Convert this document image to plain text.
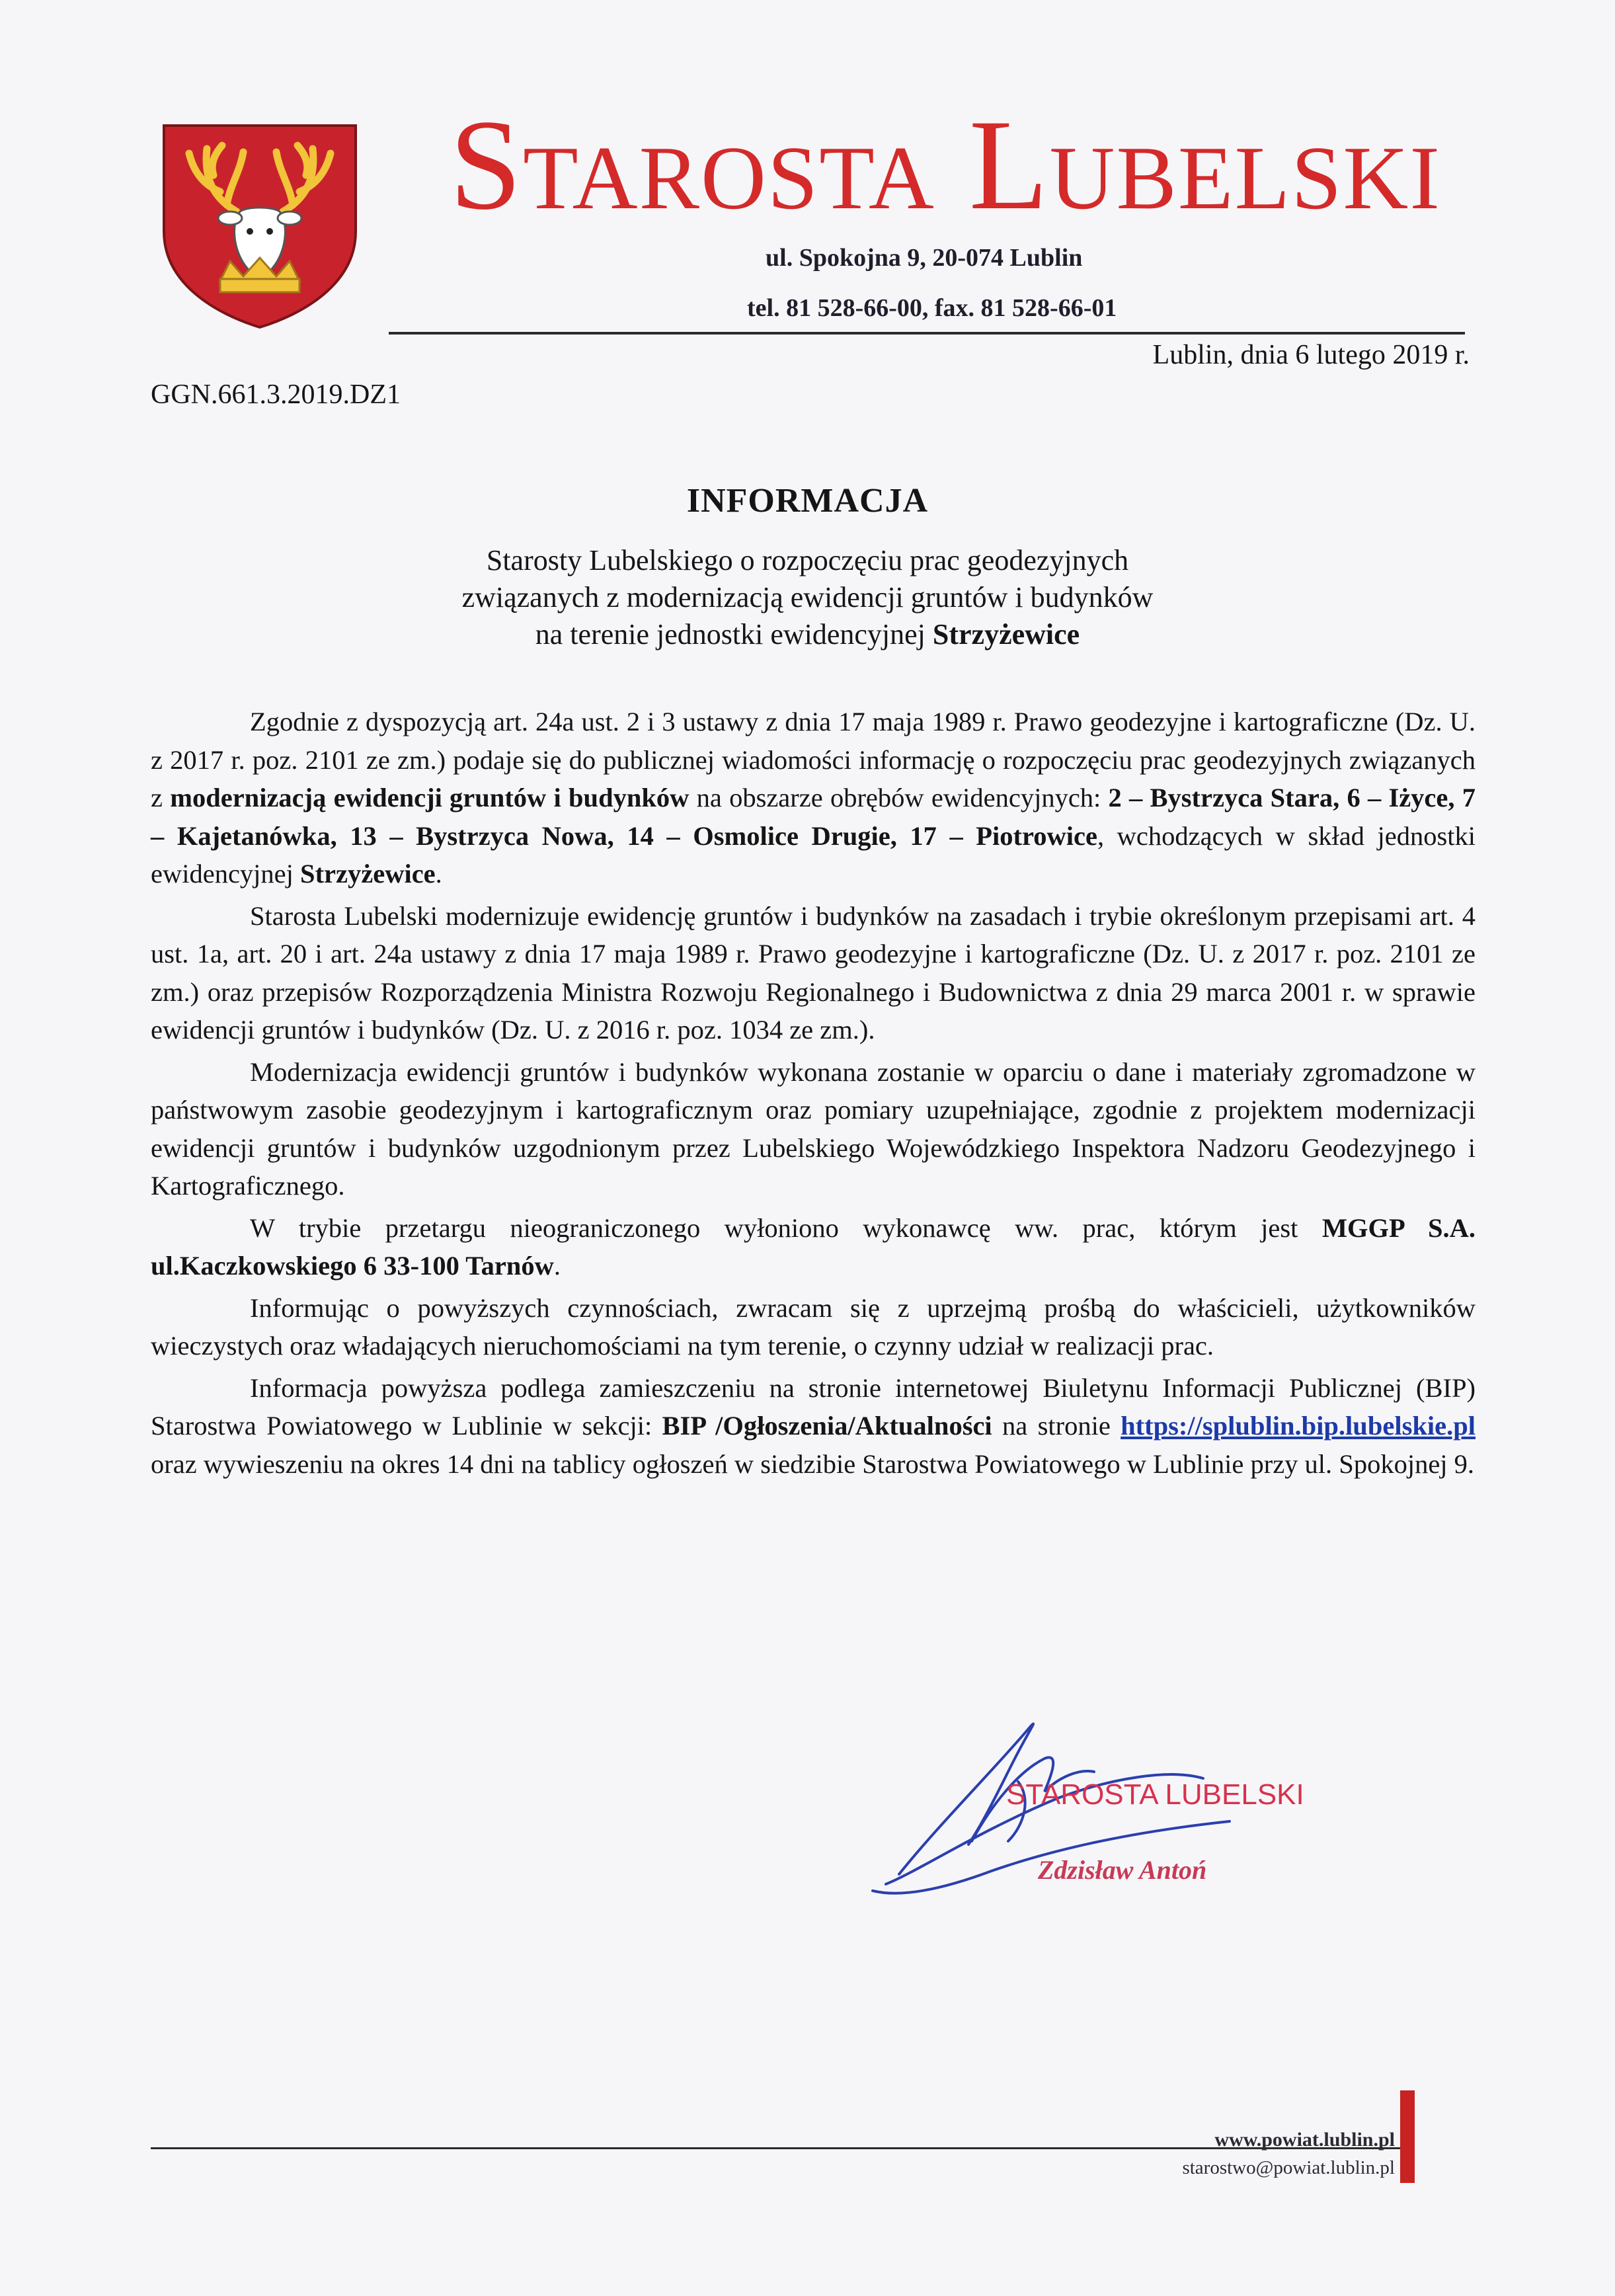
Starosta Lubelski
ul. Spokojna 9, 20-074 Lublin
tel. 81 528-66-00, fax. 81 528-66-01
Lublin, dnia 6 lutego 2019 r.
GGN.661.3.2019.DZ1
INFORMACJA
Starosty Lubelskiego o rozpoczęciu prac geodezyjnych
związanych z modernizacją ewidencji gruntów i budynków
na terenie jednostki ewidencyjnej Strzyżewice

Zgodnie z dyspozycją art. 24a ust. 2 i 3 ustawy z dnia 17 maja 1989 r. Prawo geodezyjne i kartograficzne (Dz. U. z 2017 r. poz. 2101 ze zm.) podaje się do publicznej wiadomości informację o rozpoczęciu prac geodezyjnych związanych z modernizacją ewidencji gruntów i budynków na obszarze obrębów ewidencyjnych: 2 – Bystrzyca Stara, 6 – Iżyce, 7 – Kajetanówka, 13 – Bystrzyca Nowa, 14 – Osmolice Drugie, 17 – Piotrowice, wchodzących w skład jednostki ewidencyjnej Strzyżewice.

Starosta Lubelski modernizuje ewidencję gruntów i budynków na zasadach i trybie określonym przepisami art. 4 ust. 1a, art. 20 i art. 24a ustawy z dnia 17 maja 1989 r. Prawo geodezyjne i kartograficzne (Dz. U. z 2017 r. poz. 2101 ze zm.) oraz przepisów Rozporządzenia Ministra Rozwoju Regionalnego i Budownictwa z dnia 29 marca 2001 r. w sprawie ewidencji gruntów i budynków (Dz. U. z 2016 r. poz. 1034 ze zm.).

Modernizacja ewidencji gruntów i budynków wykonana zostanie w oparciu o dane i materiały zgromadzone w państwowym zasobie geodezyjnym i kartograficznym oraz pomiary uzupełniające, zgodnie z projektem modernizacji ewidencji gruntów i budynków uzgodnionym przez Lubelskiego Wojewódzkiego Inspektora Nadzoru Geodezyjnego i Kartograficznego.

W trybie przetargu nieograniczonego wyłoniono wykonawcę ww. prac, którym jest MGGP S.A. ul.Kaczkowskiego 6 33-100 Tarnów.

Informując o powyższych czynnościach, zwracam się z uprzejmą prośbą do właścicieli, użytkowników wieczystych oraz władających nieruchomościami na tym terenie, o czynny udział w realizacji prac.

Informacja powyższa podlega zamieszczeniu na stronie internetowej Biuletynu Informacji Publicznej (BIP) Starostwa Powiatowego w Lublinie w sekcji: BIP /Ogłoszenia/Aktualności na stronie https://splublin.bip.lubelskie.pl oraz wywieszeniu na okres 14 dni na tablicy ogłoszeń w siedzibie Starostwa Powiatowego w Lublinie przy ul. Spokojnej 9.

STAROSTA LUBELSKI
Zdzisław Antoń
www.powiat.lublin.pl
starostwo@powiat.lublin.pl
